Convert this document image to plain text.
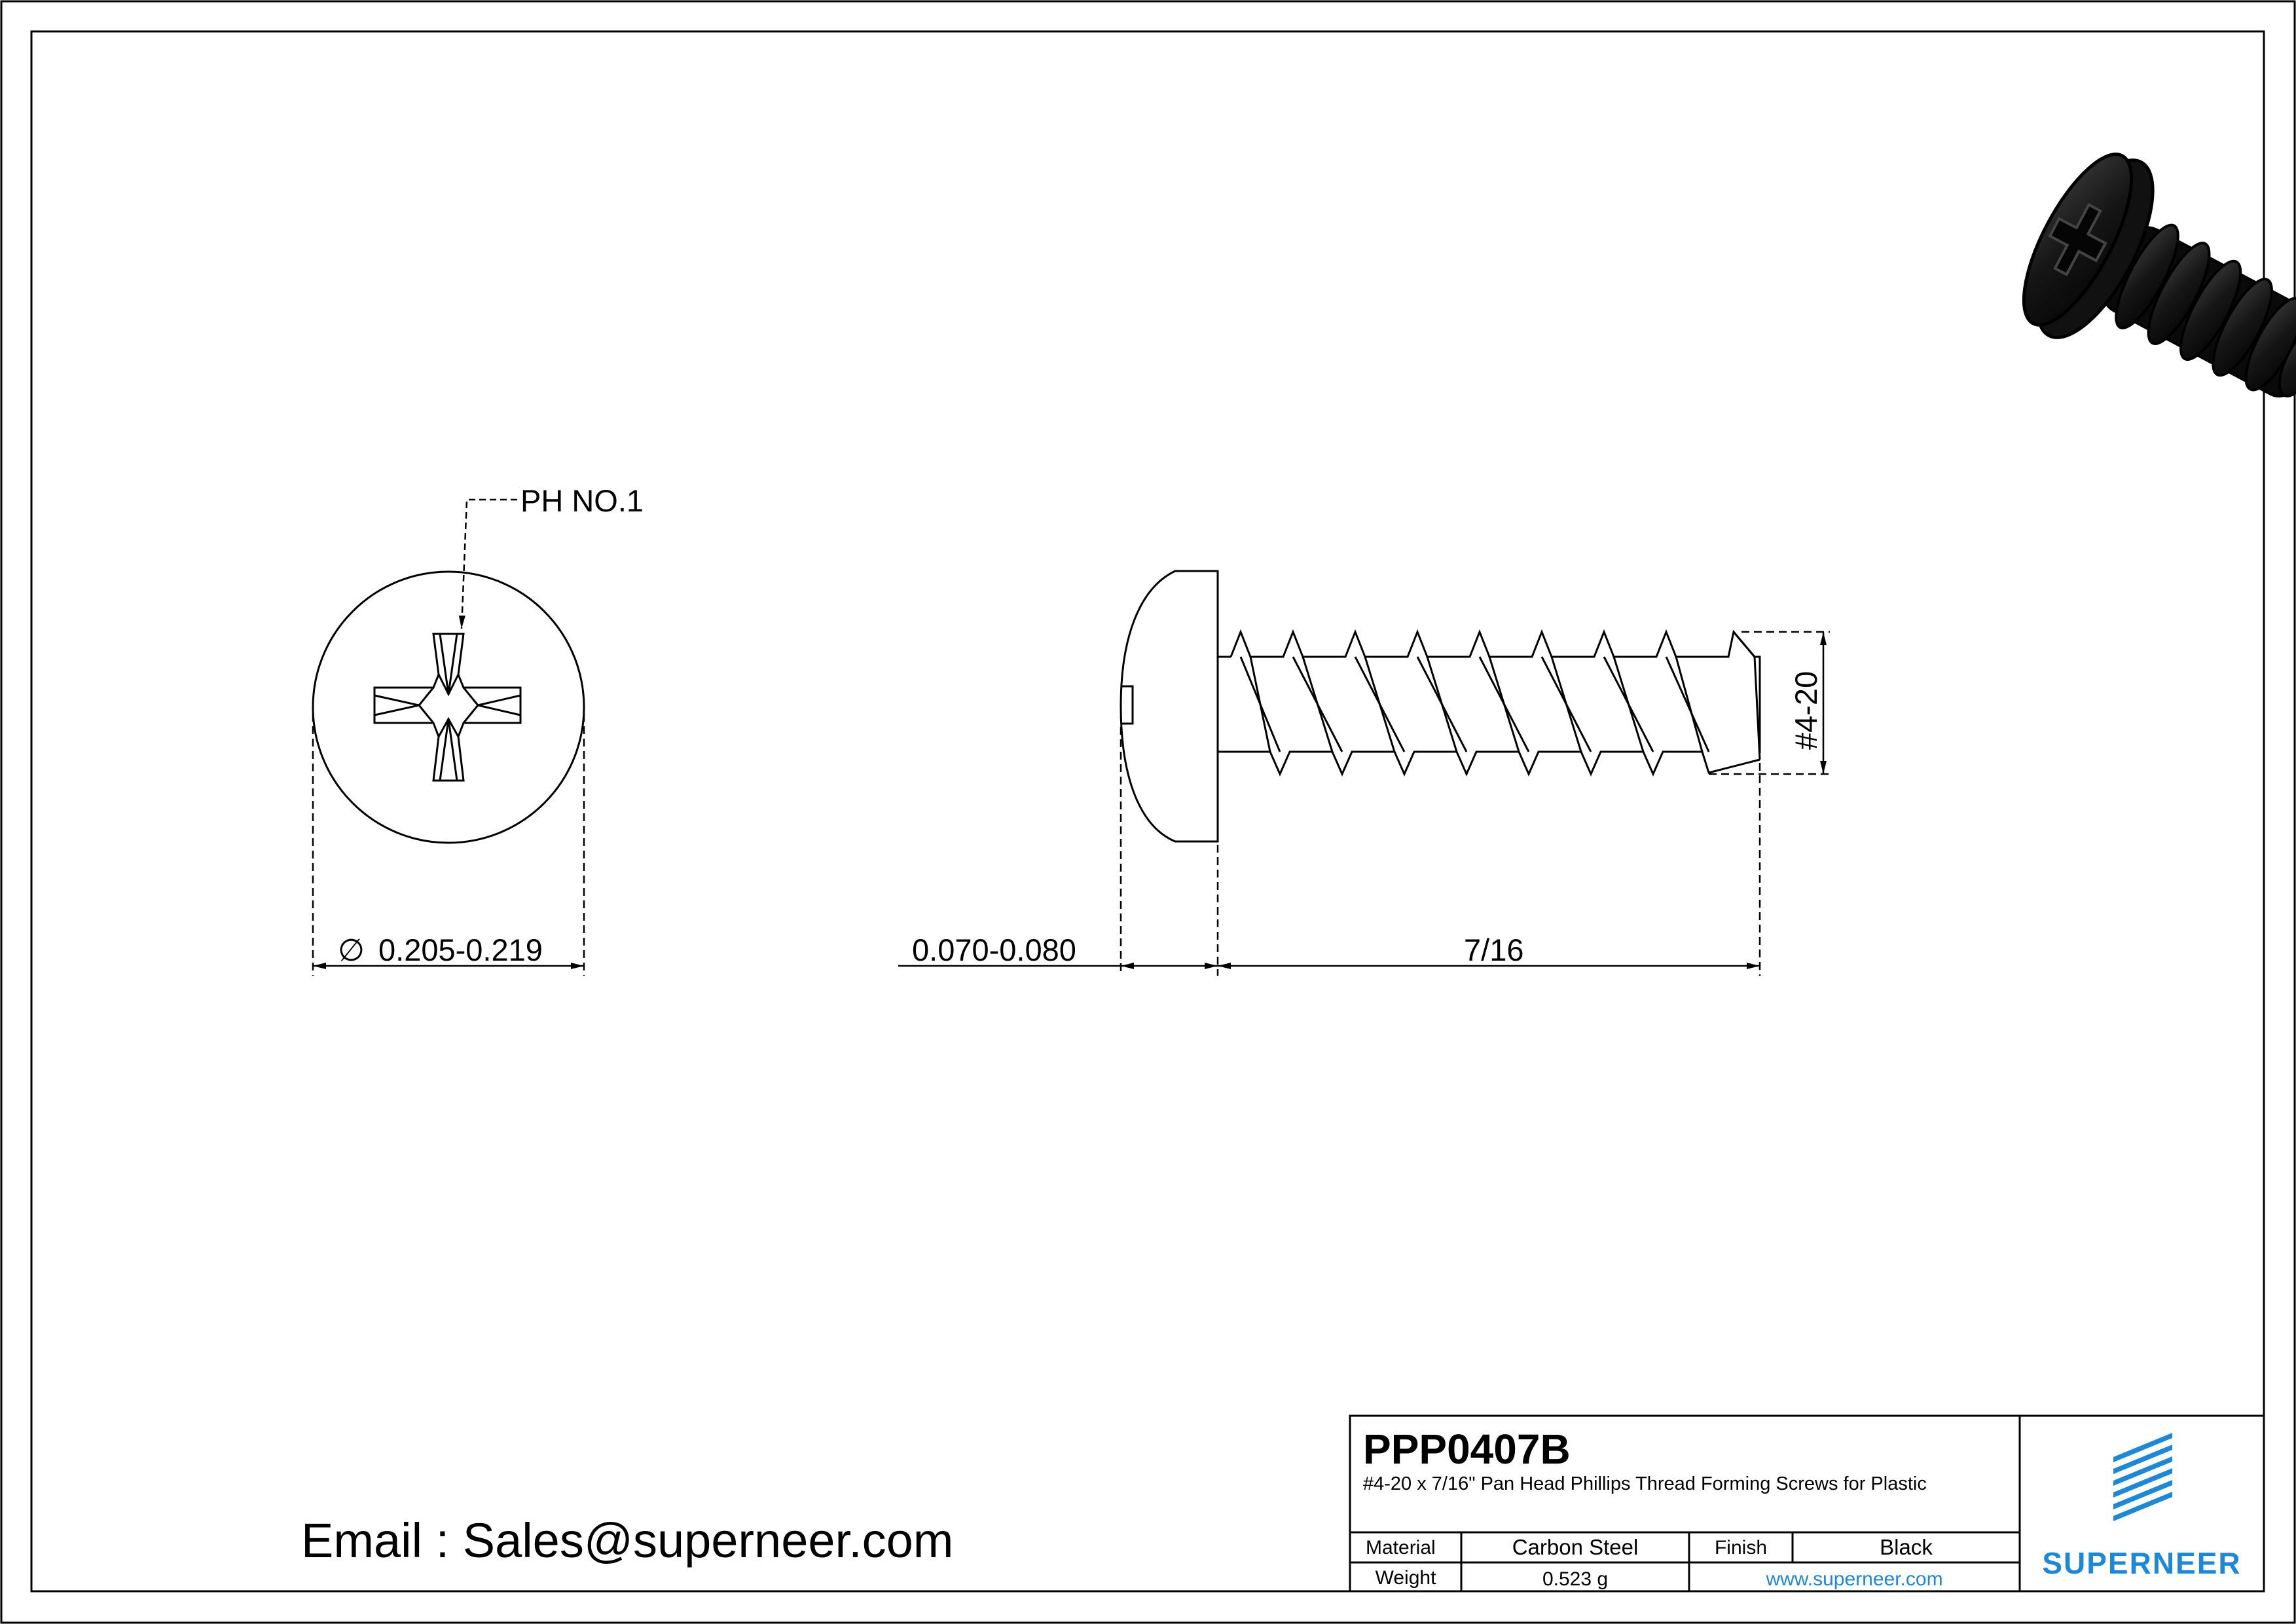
PH NO.1
∅ 0.205-0.219
#4-20
0.070-0.080	7/16
Email : Sales@superneer.com
PPP0407B
#4-20 x 7/16" Pan Head Phillips Thread Forming Screws for Plastic
Material	Carbon Steel	Finish	Black
Weight	0.523 g	www.superneer.com	SUPERNEER
